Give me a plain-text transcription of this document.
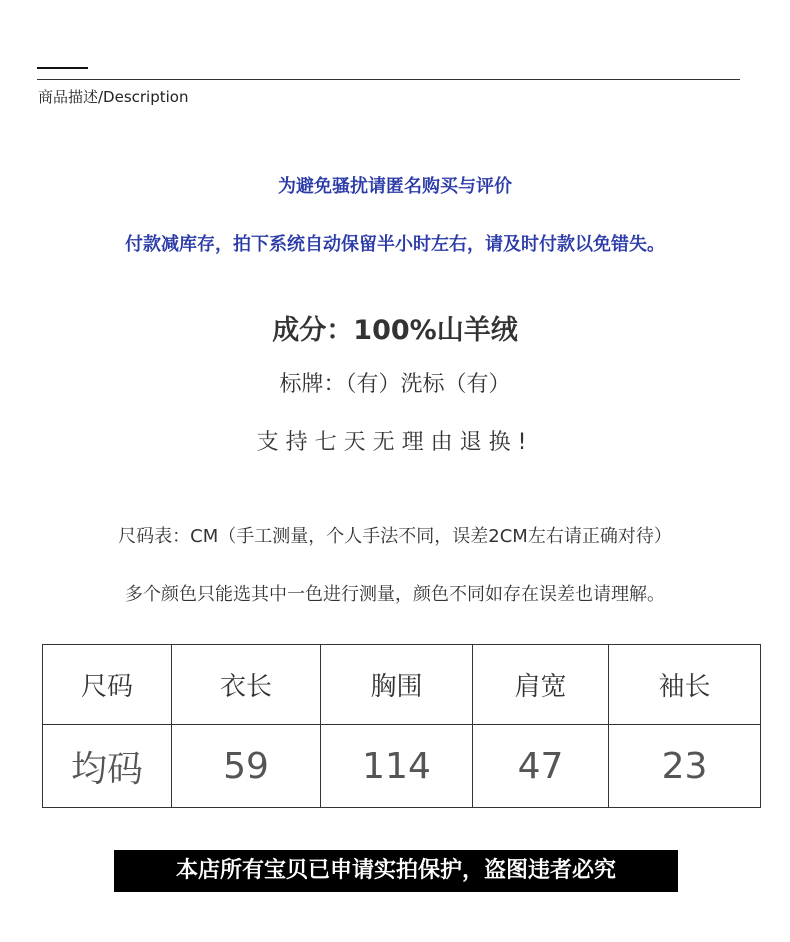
商品描述/Description
为避免骚扰请匿名购买与评价
付款减库存，拍下系统自动保留半小时左右，请及时付款以免错失。
成分：100%山羊绒
标牌：（有）洗标（有）
支持七天无理由退换!
尺码表：CM（手工测量，个人手法不同，误差2CM左右请正确对待）
多个颜色只能选其中一色进行测量，颜色不同如存在误差也请理解。
尺码	衣长	胸围	肩宽	袖长
均码	59	114	47	23
本店所有宝贝已申请实拍保护，盗图违者必究
